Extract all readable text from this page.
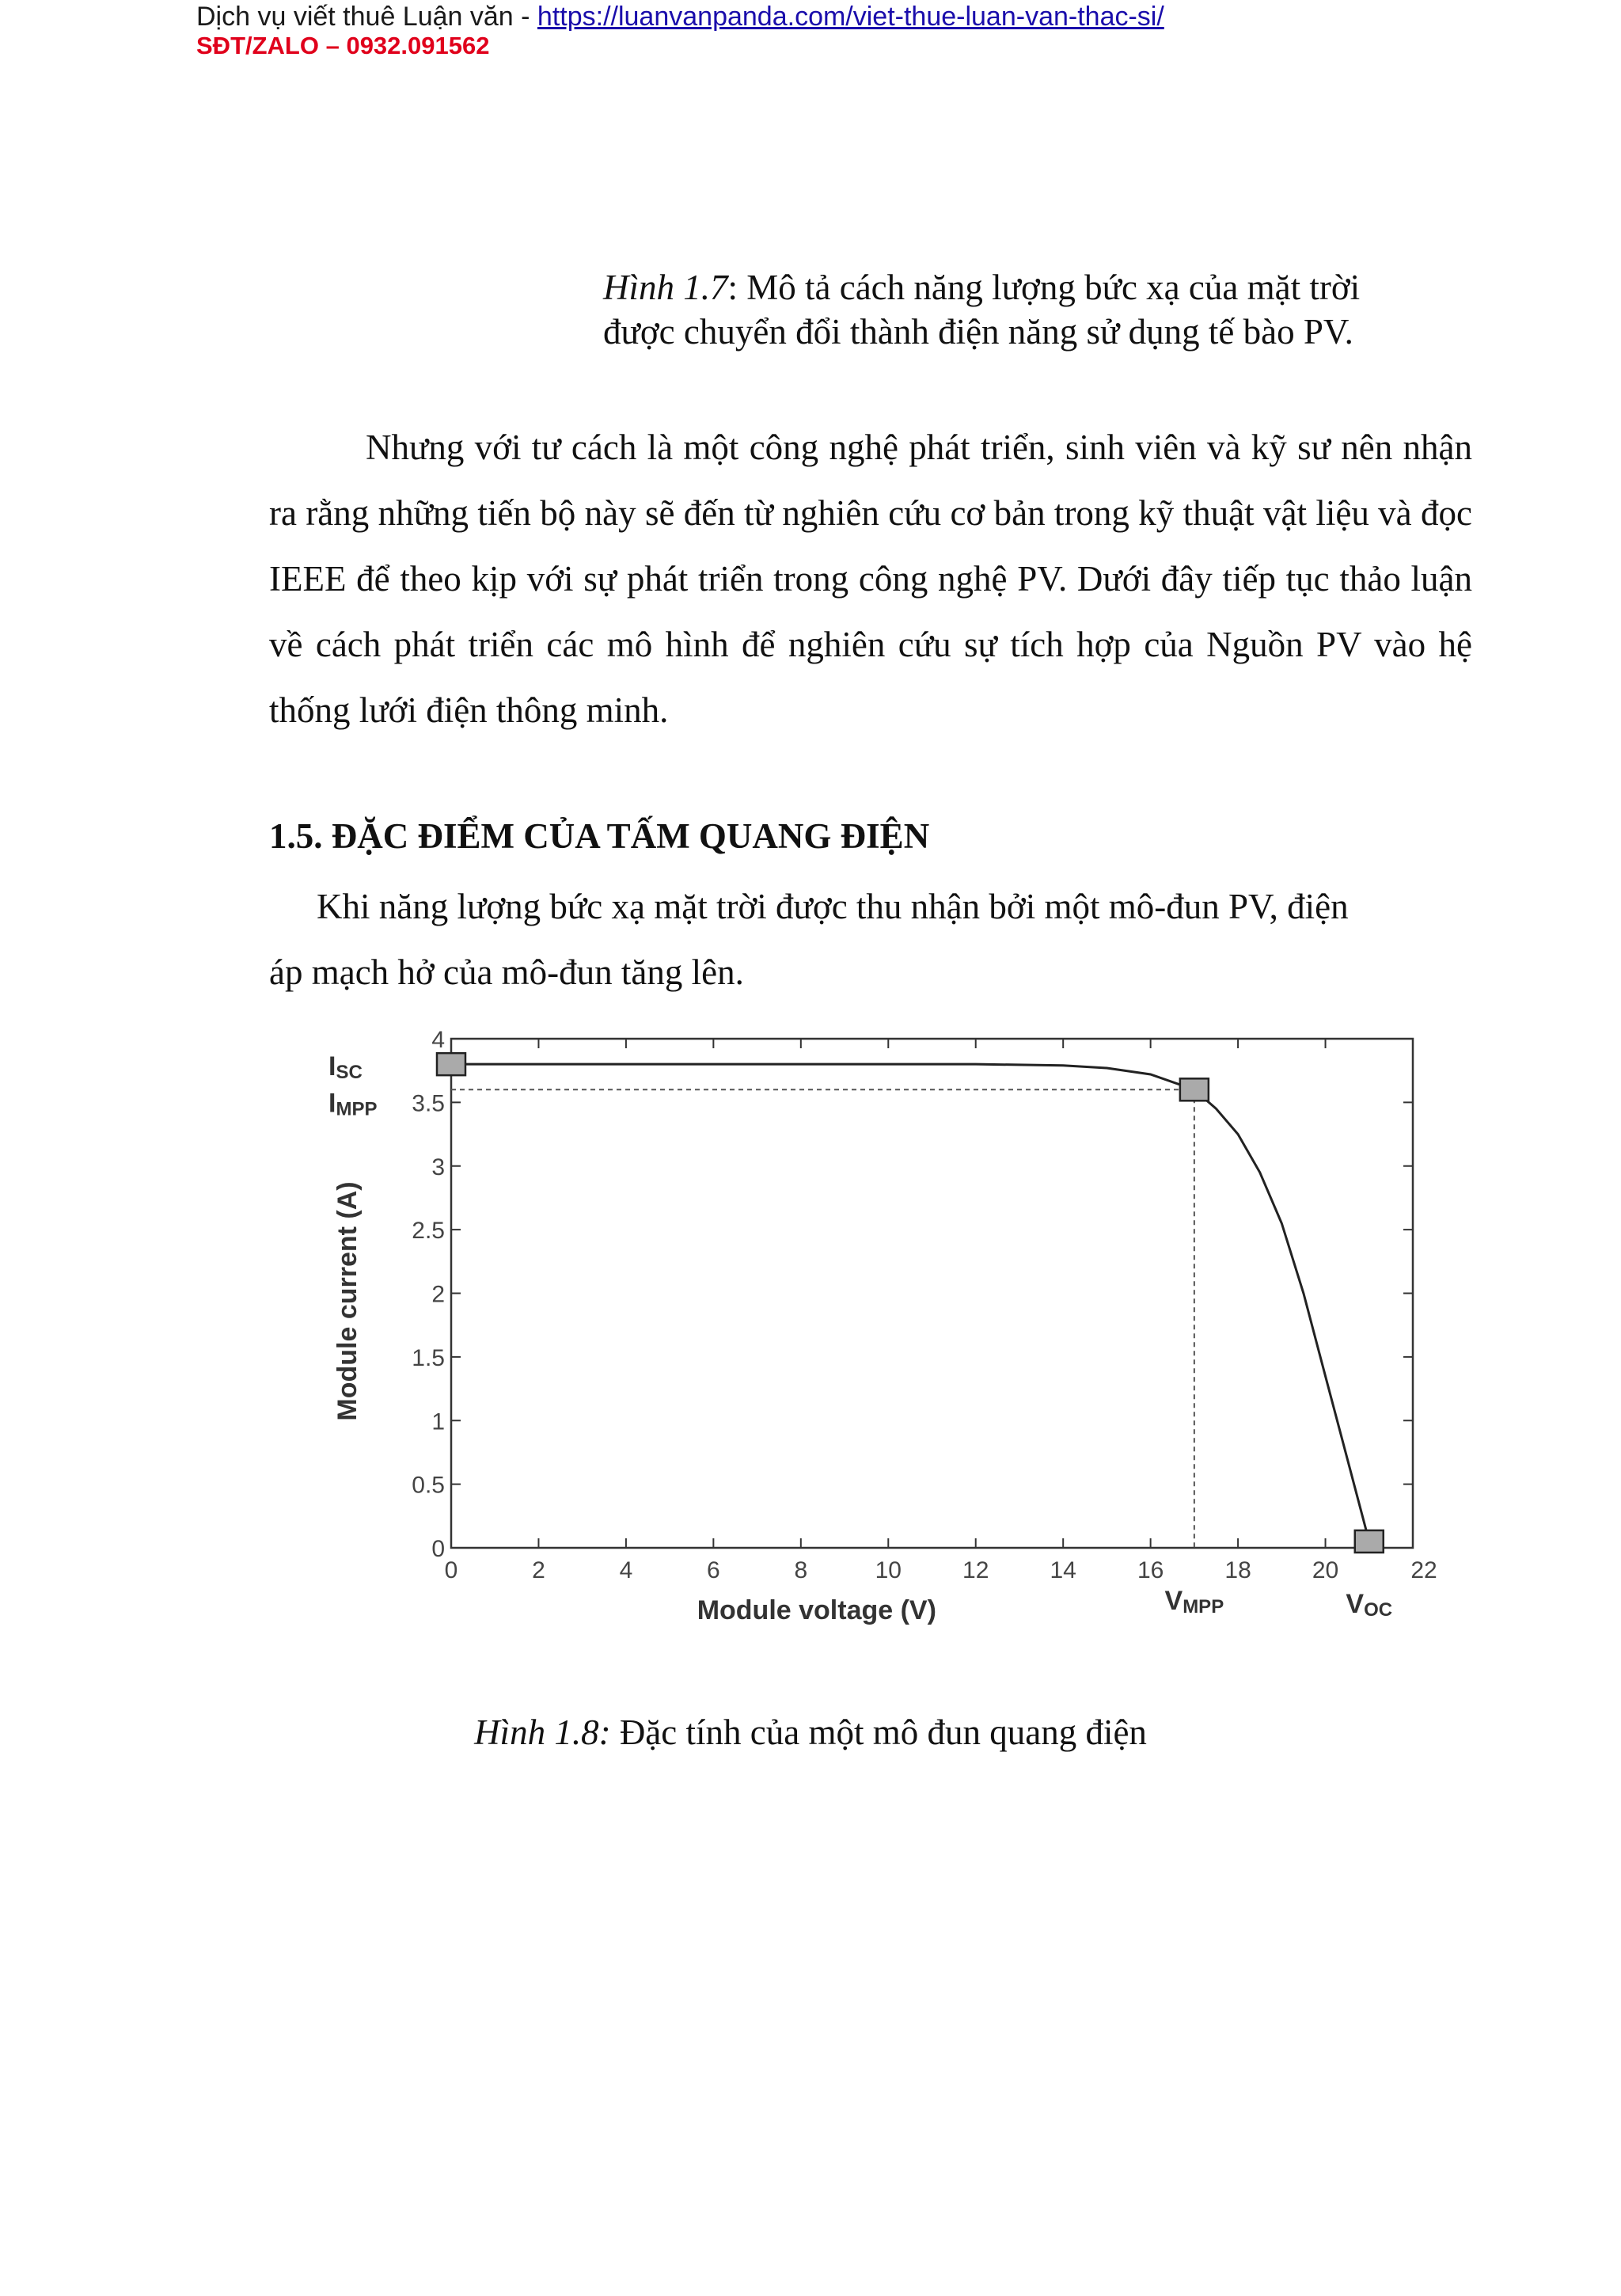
Dịch vụ viết thuê Luận văn - https://luanvanpanda.com/viet-thue-luan-van-thac-si/
SĐT/ZALO – 0932.091562
Hình 1.7: Mô tả cách năng lượng bức xạ của mặt trời
được chuyển đổi thành điện năng sử dụng tế bào PV.

Nhưng với tư cách là một công nghệ phát triển, sinh viên và kỹ sư nên nhận ra rằng những tiến bộ này sẽ đến từ nghiên cứu cơ bản trong kỹ thuật vật liệu và đọc IEEE để theo kịp với sự phát triển trong công nghệ PV. Dưới đây tiếp tục thảo luận về cách phát triển các mô hình để nghiên cứu sự tích hợp của Nguồn PV vào hệ thống lưới điện thông minh.

1.5. ĐẶC ĐIỂM CỦA TẤM QUANG ĐIỆN

Khi năng lượng bức xạ mặt trời được thu nhận bởi một mô-đun PV, điện

áp mạch hở của mô-đun tăng lên.
0	2	4	6	8	10	12	14	16	18	20	22
0
0.5
1
1.5
2
2.5
3
3.5
4
ISC
IMPP
VMPP	VOC
Module voltage (V)
Module current (A)
Hình 1.8: Đặc tính của một mô đun quang điện
